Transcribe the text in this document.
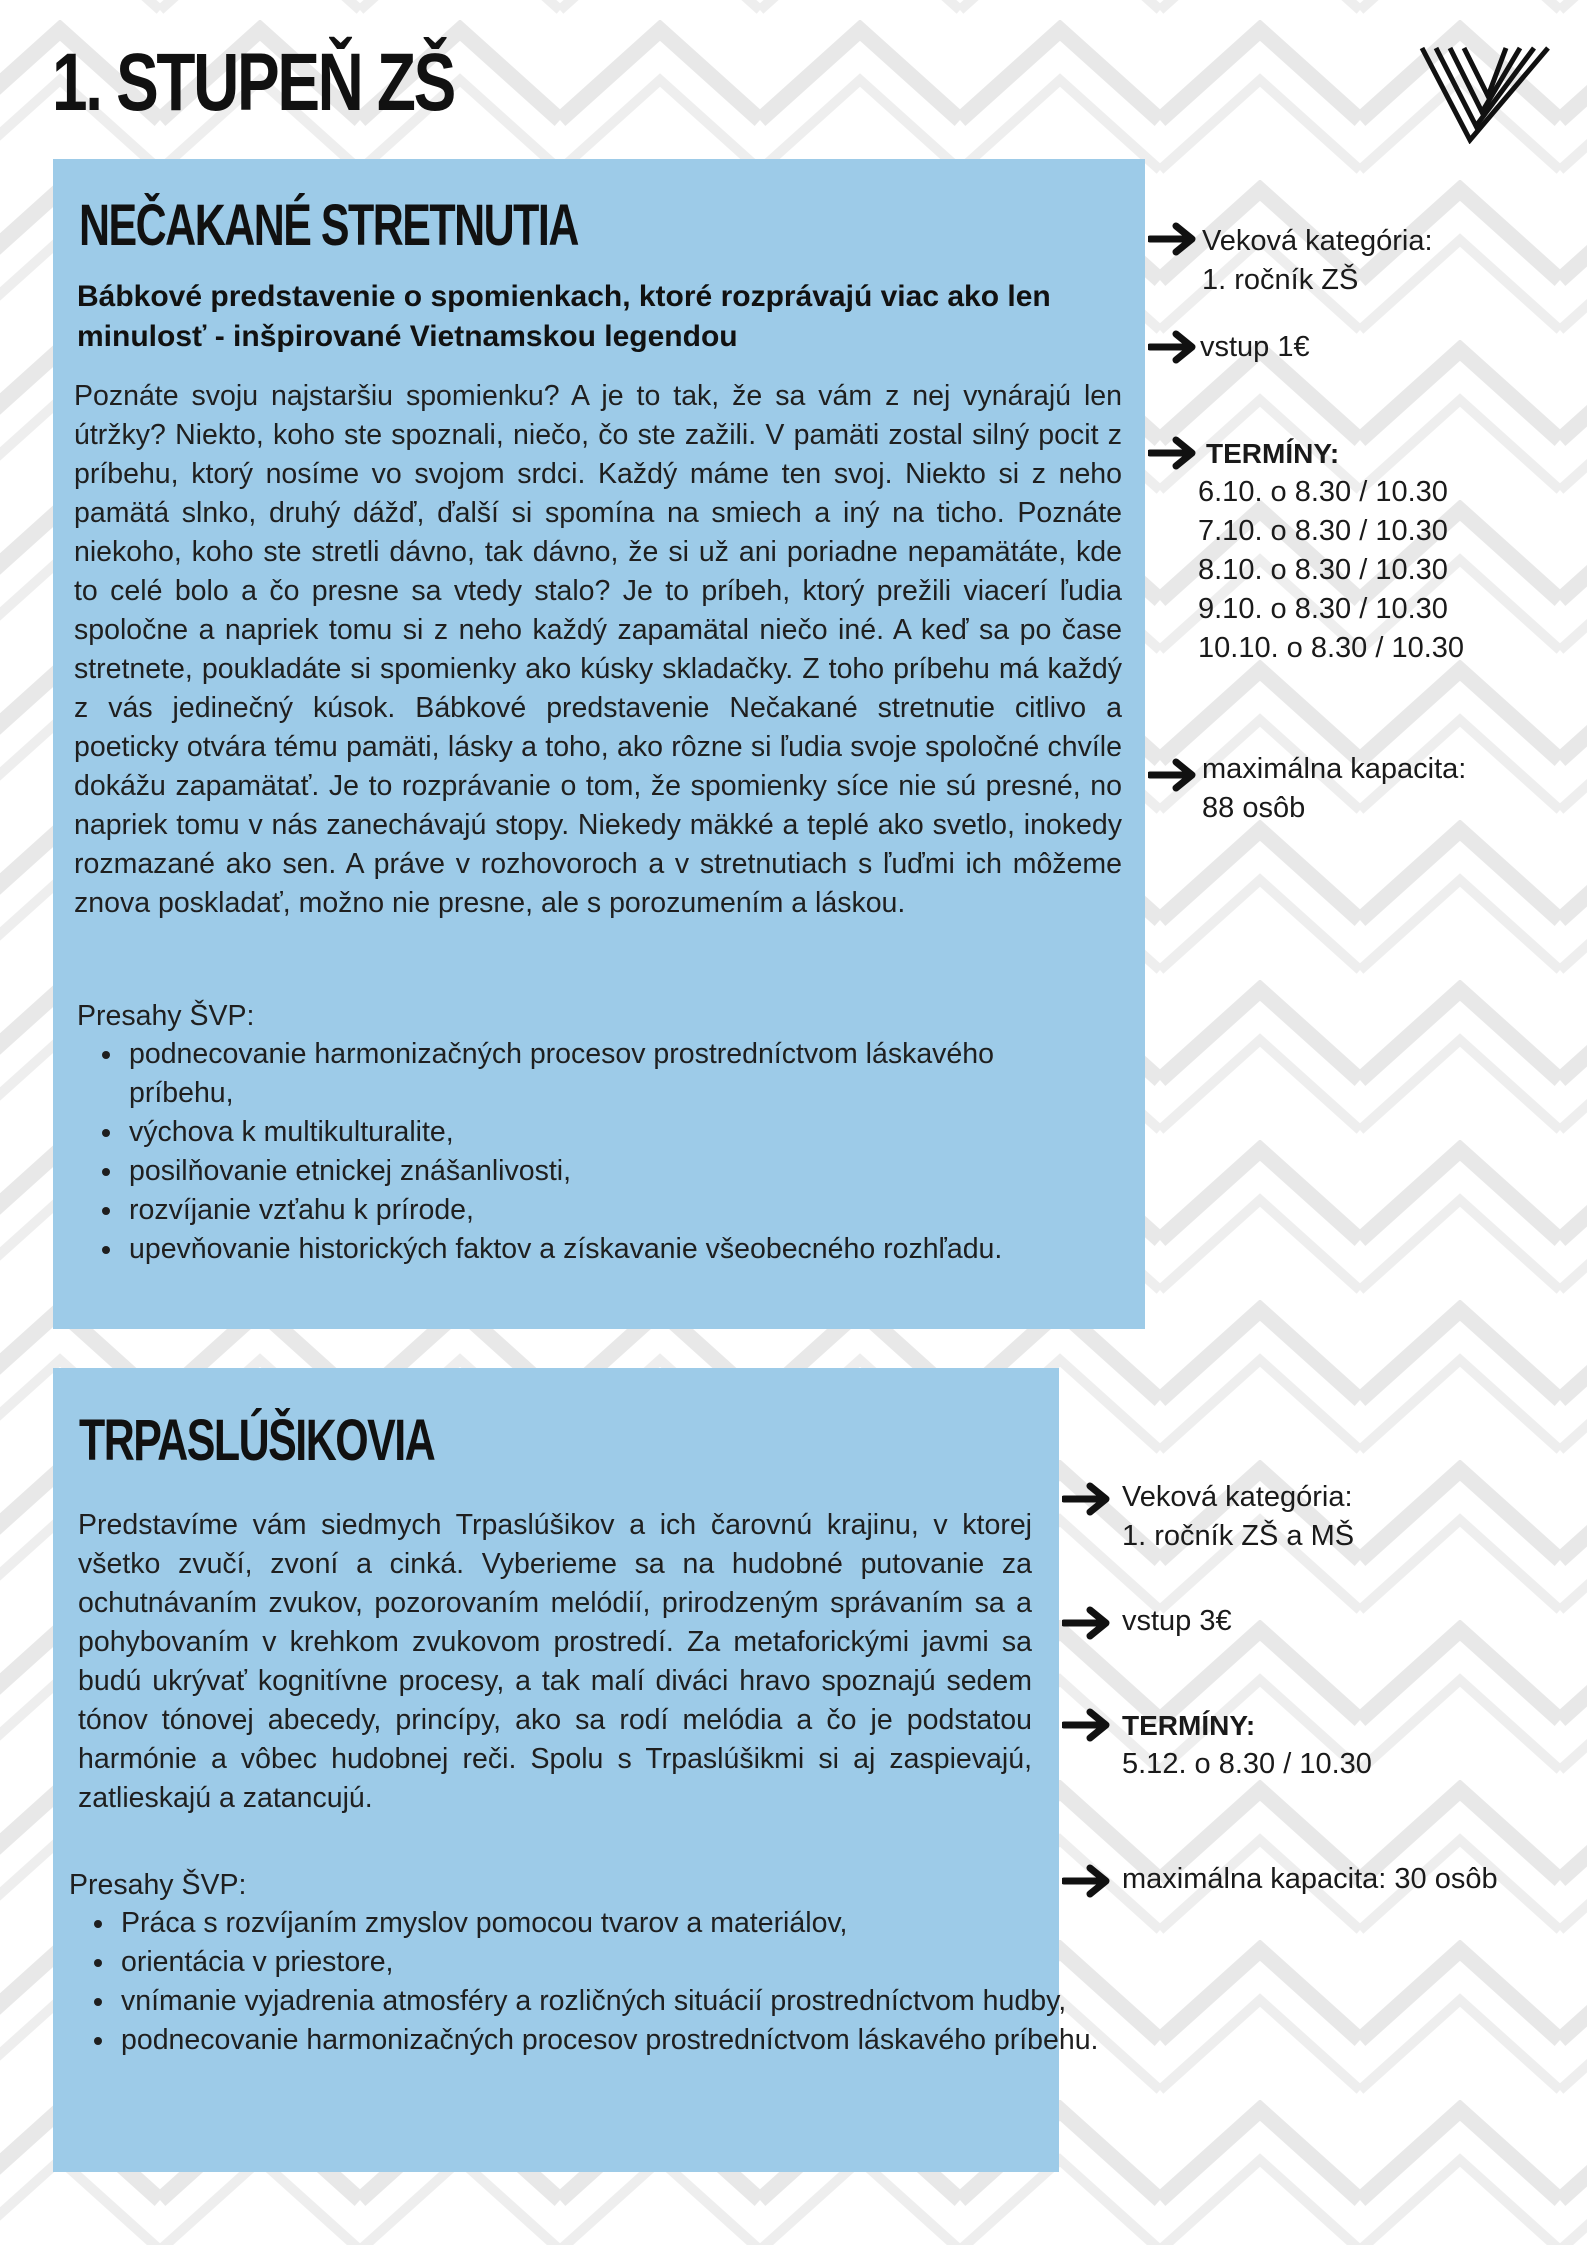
1. STUPEŇ ZŠ
NEČAKANÉ STRETNUTIA

Bábkové predstavenie o spomienkach, ktoré rozprávajú viac ako len minulosť - inšpirované Vietnamskou legendou

Poznáte svoju najstaršiu spomienku? A je to tak, že sa vám z nej vynárajú len útržky? Niekto, koho ste spoznali, niečo, čo ste zažili. V pamäti zostal silný pocit z príbehu, ktorý nosíme vo svojom srdci. Každý máme ten svoj. Niekto si z neho pamätá slnko, druhý dážď, ďalší si spomína na smiech a iný na ticho. Poznáte niekoho, koho ste stretli dávno, tak dávno, že si už ani poriadne nepamätáte, kde to celé bolo a čo presne sa vtedy stalo? Je to príbeh, ktorý prežili viacerí ľudia spoločne a napriek tomu si z neho každý zapamätal niečo iné. A keď sa po čase stretnete, poukladáte si spomienky ako kúsky skladačky. Z toho príbehu má každý z vás jedinečný kúsok. Bábkové predstavenie Nečakané stretnutie citlivo a poeticky otvára tému pamäti, lásky a toho, ako rôzne si ľudia svoje spoločné chvíle dokážu zapamätať. Je to rozprávanie o tom, že spomienky síce nie sú presné, no napriek tomu v nás zanechávajú stopy. Niekedy mäkké a teplé ako svetlo, inokedy rozmazané ako sen. A práve v rozhovoroch a v stretnutiach s ľuďmi ich môžeme znova poskladať, možno nie presne, ale s porozumením a láskou.

Presahy ŠVP:

• podnecovanie harmonizačných procesov prostredníctvom láskavého príbehu,
• výchova k multikulturalite,
• posilňovanie etnickej znášanlivosti,
• rozvíjanie vzťahu k prírode,
• upevňovanie historických faktov a získavanie všeobecného rozhľadu.
Veková kategória:
1. ročník ZŠ
vstup 1€
TERMÍNY:
6.10. o 8.30 / 10.30
7.10. o 8.30 / 10.30
8.10. o 8.30 / 10.30
9.10. o 8.30 / 10.30
10.10. o 8.30 / 10.30
maximálna kapacita:
88 osôb
TRPASLÚŠIKOVIA

Predstavíme vám siedmych Trpaslúšikov a ich čarovnú krajinu, v ktorej všetko zvučí, zvoní a cinká. Vyberieme sa na hudobné putovanie za ochutnávaním zvukov, pozorovaním melódií, prirodzeným správaním sa a pohybovaním v krehkom zvukovom prostredí. Za metaforickými javmi sa budú ukrývať kognitívne procesy, a tak malí diváci hravo spoznajú sedem tónov tónovej abecedy, princípy, ako sa rodí melódia a čo je podstatou harmónie a vôbec hudobnej reči. Spolu s Trpaslúšikmi si aj zaspievajú, zatlieskajú a zatancujú.

Presahy ŠVP:

• Práca s rozvíjaním zmyslov pomocou tvarov a materiálov,
• orientácia v priestore,
• vnímanie vyjadrenia atmosféry a rozličných situácií prostredníctvom hudby,
• podnecovanie harmonizačných procesov prostredníctvom láskavého príbehu.
Veková kategória:
1. ročník ZŠ a MŠ
vstup 3€
TERMÍNY:
5.12. o 8.30 / 10.30
maximálna kapacita: 30 osôb
